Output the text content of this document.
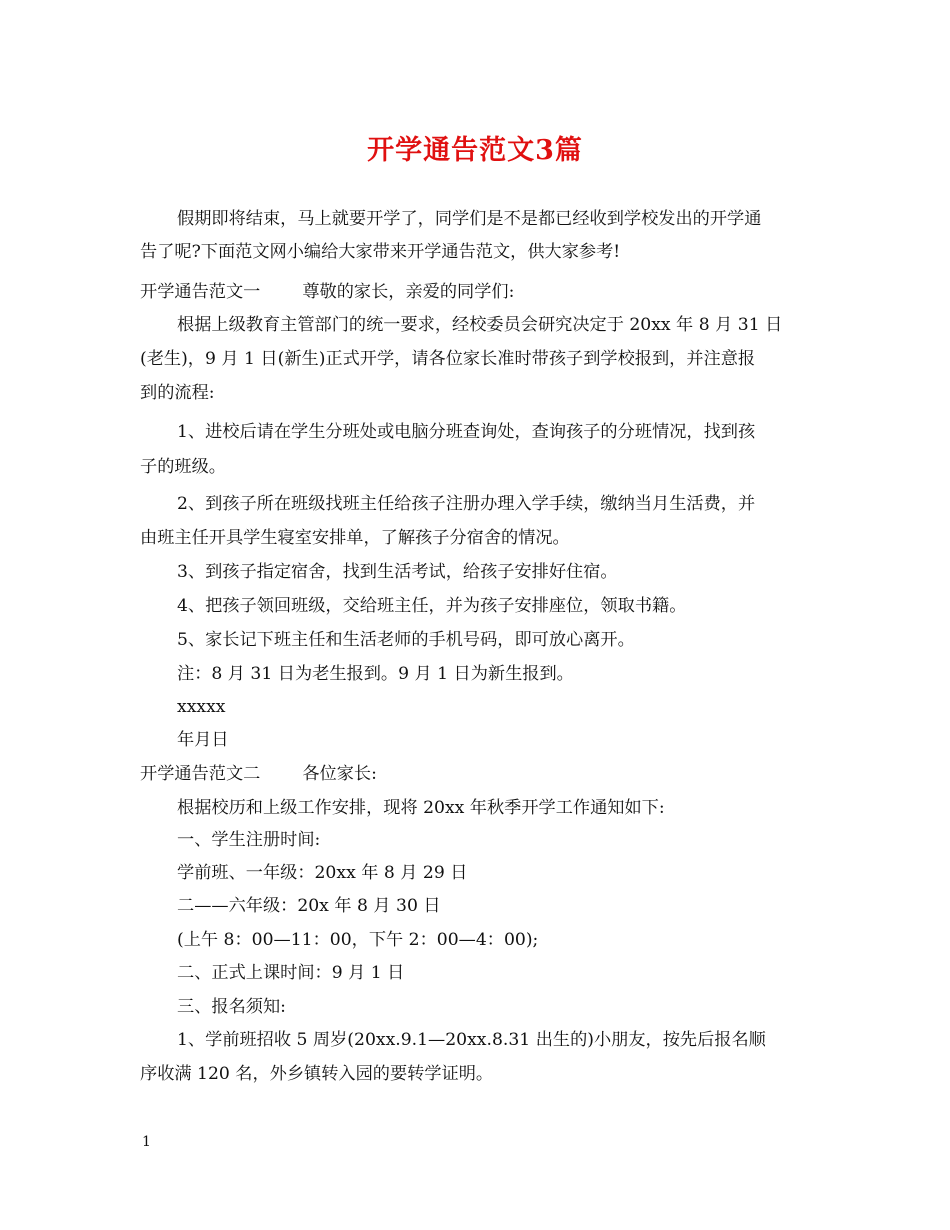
开学通告范文3篇
假期即将结束，马上就要开学了，同学们是不是都已经收到学校发出的开学通
告了呢?下面范文网小编给大家带来开学通告范文，供大家参考!
开学通告范文一 尊敬的家长，亲爱的同学们:
根据上级教育主管部门的统一要求，经校委员会研究决定于 20xx 年 8 月 31 日
(老生)，9 月 1 日(新生)正式开学，请各位家长准时带孩子到学校报到，并注意报
到的流程:
1、进校后请在学生分班处或电脑分班查询处，查询孩子的分班情况，找到孩
子的班级。
2、到孩子所在班级找班主任给孩子注册办理入学手续，缴纳当月生活费，并
由班主任开具学生寝室安排单，了解孩子分宿舍的情况。
3、到孩子指定宿舍，找到生活考试，给孩子安排好住宿。
4、把孩子领回班级，交给班主任，并为孩子安排座位，领取书籍。
5、家长记下班主任和生活老师的手机号码，即可放心离开。
注：8 月 31 日为老生报到。9 月 1 日为新生报到。
xxxxx
年月日
开学通告范文二 各位家长:
根据校历和上级工作安排，现将 20xx 年秋季开学工作通知如下:
一、学生注册时间:
学前班、一年级：20xx 年 8 月 29 日
二——六年级：20x 年 8 月 30 日
(上午 8：00—11：00，下午 2：00—4：00);
二、正式上课时间：9 月 1 日
三、报名须知:
1、学前班招收 5 周岁(20xx.9.1—20xx.8.31 出生的)小朋友，按先后报名顺
序收满 120 名，外乡镇转入园的要转学证明。
1
